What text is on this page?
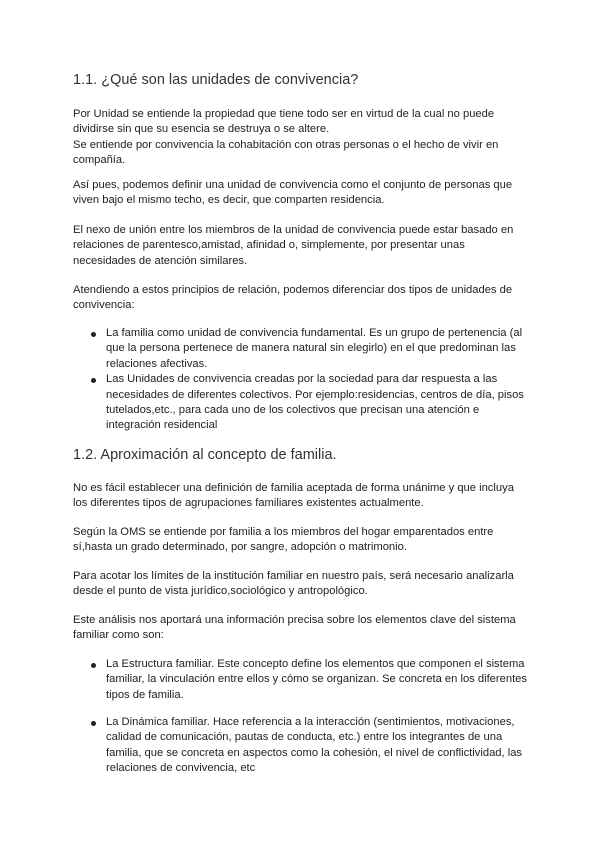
1.1. ¿Qué son las unidades de convivencia?

Por Unidad se entiende la propiedad que tiene todo ser en virtud de la cual no puede dividirse sin que su esencia se destruya o se altere.

Se entiende por convivencia la cohabitación con otras personas o el hecho de vivir en compañía.

Así pues, podemos definir una unidad de convivencia como el conjunto de personas que viven bajo el mismo techo, es decir, que comparten residencia.

El nexo de unión entre los miembros de la unidad de convivencia puede estar basado en relaciones de parentesco,amistad, afinidad o, simplemente, por presentar unas necesidades de atención similares.

Atendiendo a estos principios de relación, podemos diferenciar dos tipos de unidades de convivencia:

La familia como unidad de convivencia fundamental. Es un grupo de pertenencia (al que la persona pertenece de manera natural sin elegirlo) en el que predominan las relaciones afectivas.
Las Unidades de convivencia creadas por la sociedad para dar respuesta a las necesidades de diferentes colectivos. Por ejemplo:residencias, centros de día, pisos tutelados,etc., para cada uno de los colectivos que precisan una atención e integración residencial
1.2. Aproximación al concepto de familia.

No es fácil establecer una definición de familia aceptada de forma unánime y que incluya los diferentes tipos de agrupaciones familiares existentes actualmente.

Según la OMS se entiende por familia a los miembros del hogar emparentados entre sí,hasta un grado determinado, por sangre, adopción o matrimonio.

Para acotar los límites de la institución familiar en nuestro país, será necesario analizarla desde el punto de vista jurídico,sociológico y antropológico.

Este análisis nos aportará una información precisa sobre los elementos clave del sistema familiar como son:

La Estructura familiar. Este concepto define los elementos que componen el sistema familiar, la vinculación entre ellos y cómo se organizan. Se concreta en los diferentes tipos de familia.
La Dinámica familiar. Hace referencia a la interacción (sentimientos, motivaciones, calidad de comunicación, pautas de conducta, etc.) entre los integrantes de una familia, que se concreta en aspectos como la cohesión, el nivel de conflictividad, las relaciones de convivencia, etc
